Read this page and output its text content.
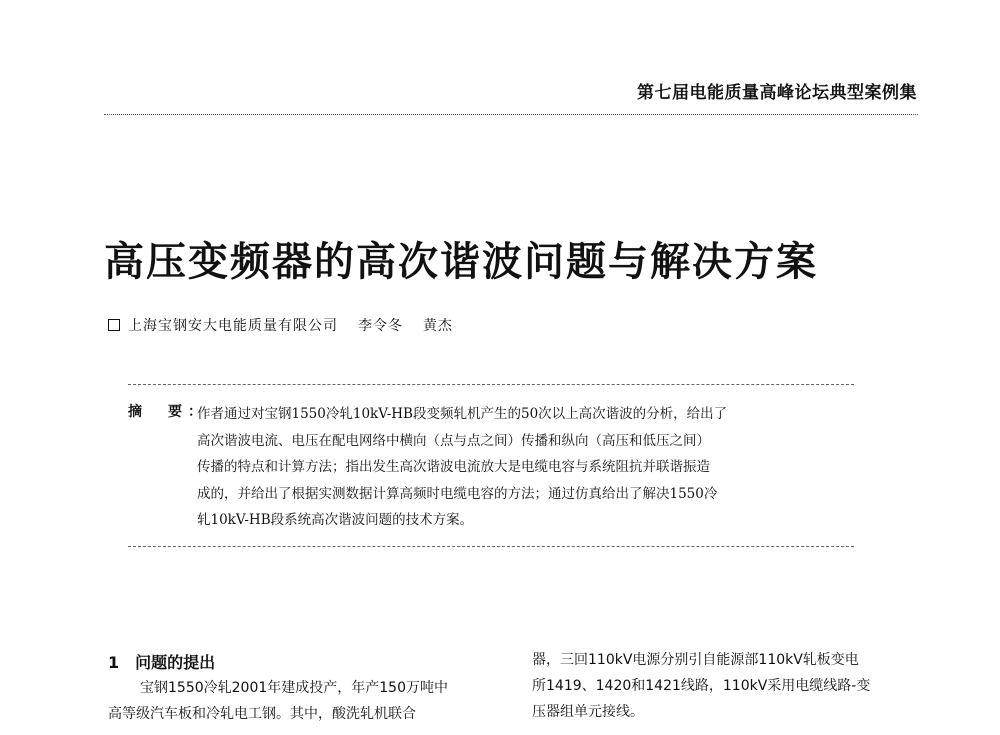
第七届电能质量高峰论坛典型案例集
高压变频器的高次谐波问题与解决方案
上海宝钢安大电能质量有限公司 李令冬 黄杰
摘　要：
作者通过对宝钢1550冷轧10kV-HB段变频轧机产生的50次以上高次谐波的分析，给出了
高次谐波电流、电压在配电网络中横向（点与点之间）传播和纵向（高压和低压之间）
传播的特点和计算方法；指出发生高次谐波电流放大是电缆电容与系统阻抗并联谐振造
成的，并给出了根据实测数据计算高频时电缆电容的方法；通过仿真给出了解决1550冷
轧10kV-HB段系统高次谐波问题的技术方案。
1 问题的提出
宝钢1550冷轧2001年建成投产，年产150万吨中
高等级汽车板和冷轧电工钢。其中，酸洗轧机联合
器，三回110kV电源分别引自能源部110kV轧板变电
所1419、1420和1421线路，110kV采用电缆线路-变
压器组单元接线。
